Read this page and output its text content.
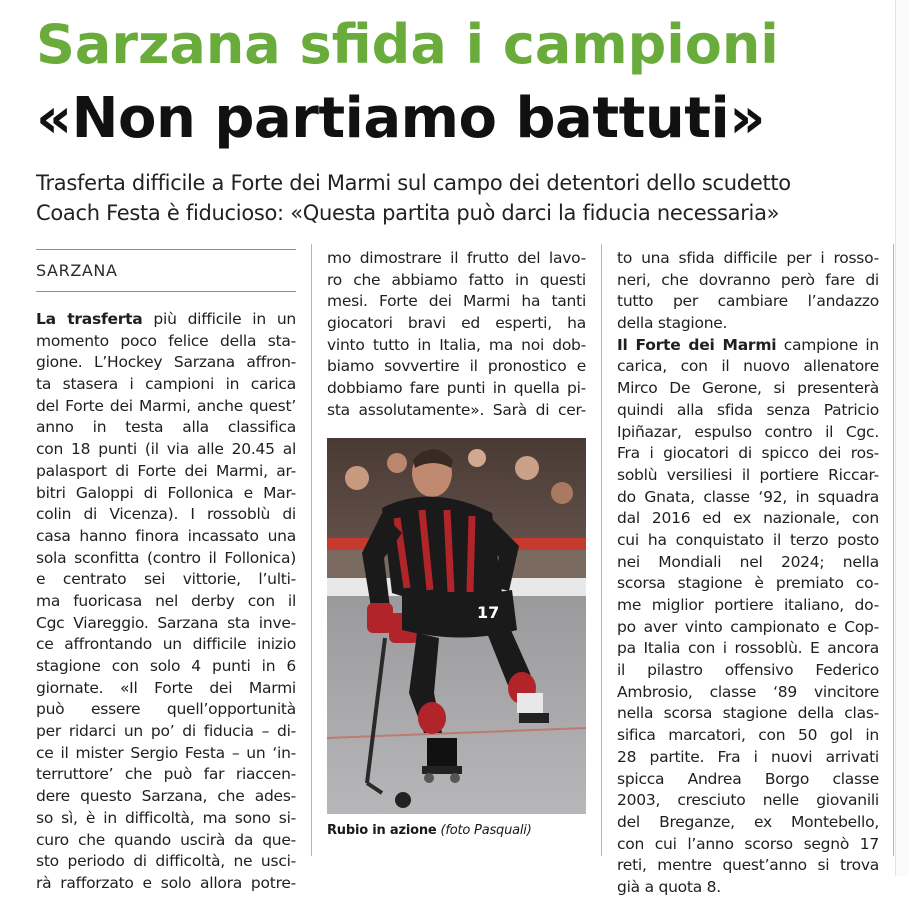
Sarzana sfida i campioni
«Non partiamo battuti»
Trasferta difficile a Forte dei Marmi sul campo dei detentori dello scudetto
Coach Festa è fiducioso: «Questa partita può darci la fiducia necessaria»
SARZANA
La trasferta più difficile in un
momento poco felice della sta-
gione. L’Hockey Sarzana affron-
ta stasera i campioni in carica
del Forte dei Marmi, anche quest’
anno in testa alla classifica
con 18 punti (il via alle 20.45 al
palasport di Forte dei Marmi, ar-
bitri Galoppi di Follonica e Mar-
colin di Vicenza). I rossoblù di
casa hanno finora incassato una
sola sconfitta (contro il Follonica)
e centrato sei vittorie, l’ulti-
ma fuoricasa nel derby con il
Cgc Viareggio. Sarzana sta inve-
ce affrontando un difficile inizio
stagione con solo 4 punti in 6
giornate. «Il Forte dei Marmi
può essere quell’opportunità
per ridarci un po’ di fiducia – di-
ce il mister Sergio Festa – un ‘in-
terruttore’ che può far riaccen-
dere questo Sarzana, che ades-
so sì, è in difficoltà, ma sono si-
curo che quando uscirà da que-
sto periodo di difficoltà, ne usci-
rà rafforzato e solo allora potre-
mo dimostrare il frutto del lavo-
ro che abbiamo fatto in questi
mesi. Forte dei Marmi ha tanti
giocatori bravi ed esperti, ha
vinto tutto in Italia, ma noi dob-
biamo sovvertire il pronostico e
dobbiamo fare punti in quella pi-
sta assolutamente». Sarà di cer-
17
Rubio in azione (foto Pasquali)
to una sfida difficile per i rosso-
neri, che dovranno però fare di
tutto per cambiare l’andazzo
della stagione.
Il Forte dei Marmi campione in
carica, con il nuovo allenatore
Mirco De Gerone, si presenterà
quindi alla sfida senza Patricio
Ipiñazar, espulso contro il Cgc.
Fra i giocatori di spicco dei ros-
soblù versiliesi il portiere Riccar-
do Gnata, classe ‘92, in squadra
dal 2016 ed ex nazionale, con
cui ha conquistato il terzo posto
nei Mondiali nel 2024; nella
scorsa stagione è premiato co-
me miglior portiere italiano, do-
po aver vinto campionato e Cop-
pa Italia con i rossoblù. E ancora
il pilastro offensivo Federico
Ambrosio, classe ‘89 vincitore
nella scorsa stagione della clas-
sifica marcatori, con 50 gol in
28 partite. Fra i nuovi arrivati
spicca Andrea Borgo classe
2003, cresciuto nelle giovanili
del Breganze, ex Montebello,
con cui l’anno scorso segnò 17
reti, mentre quest’anno si trova
già a quota 8.
